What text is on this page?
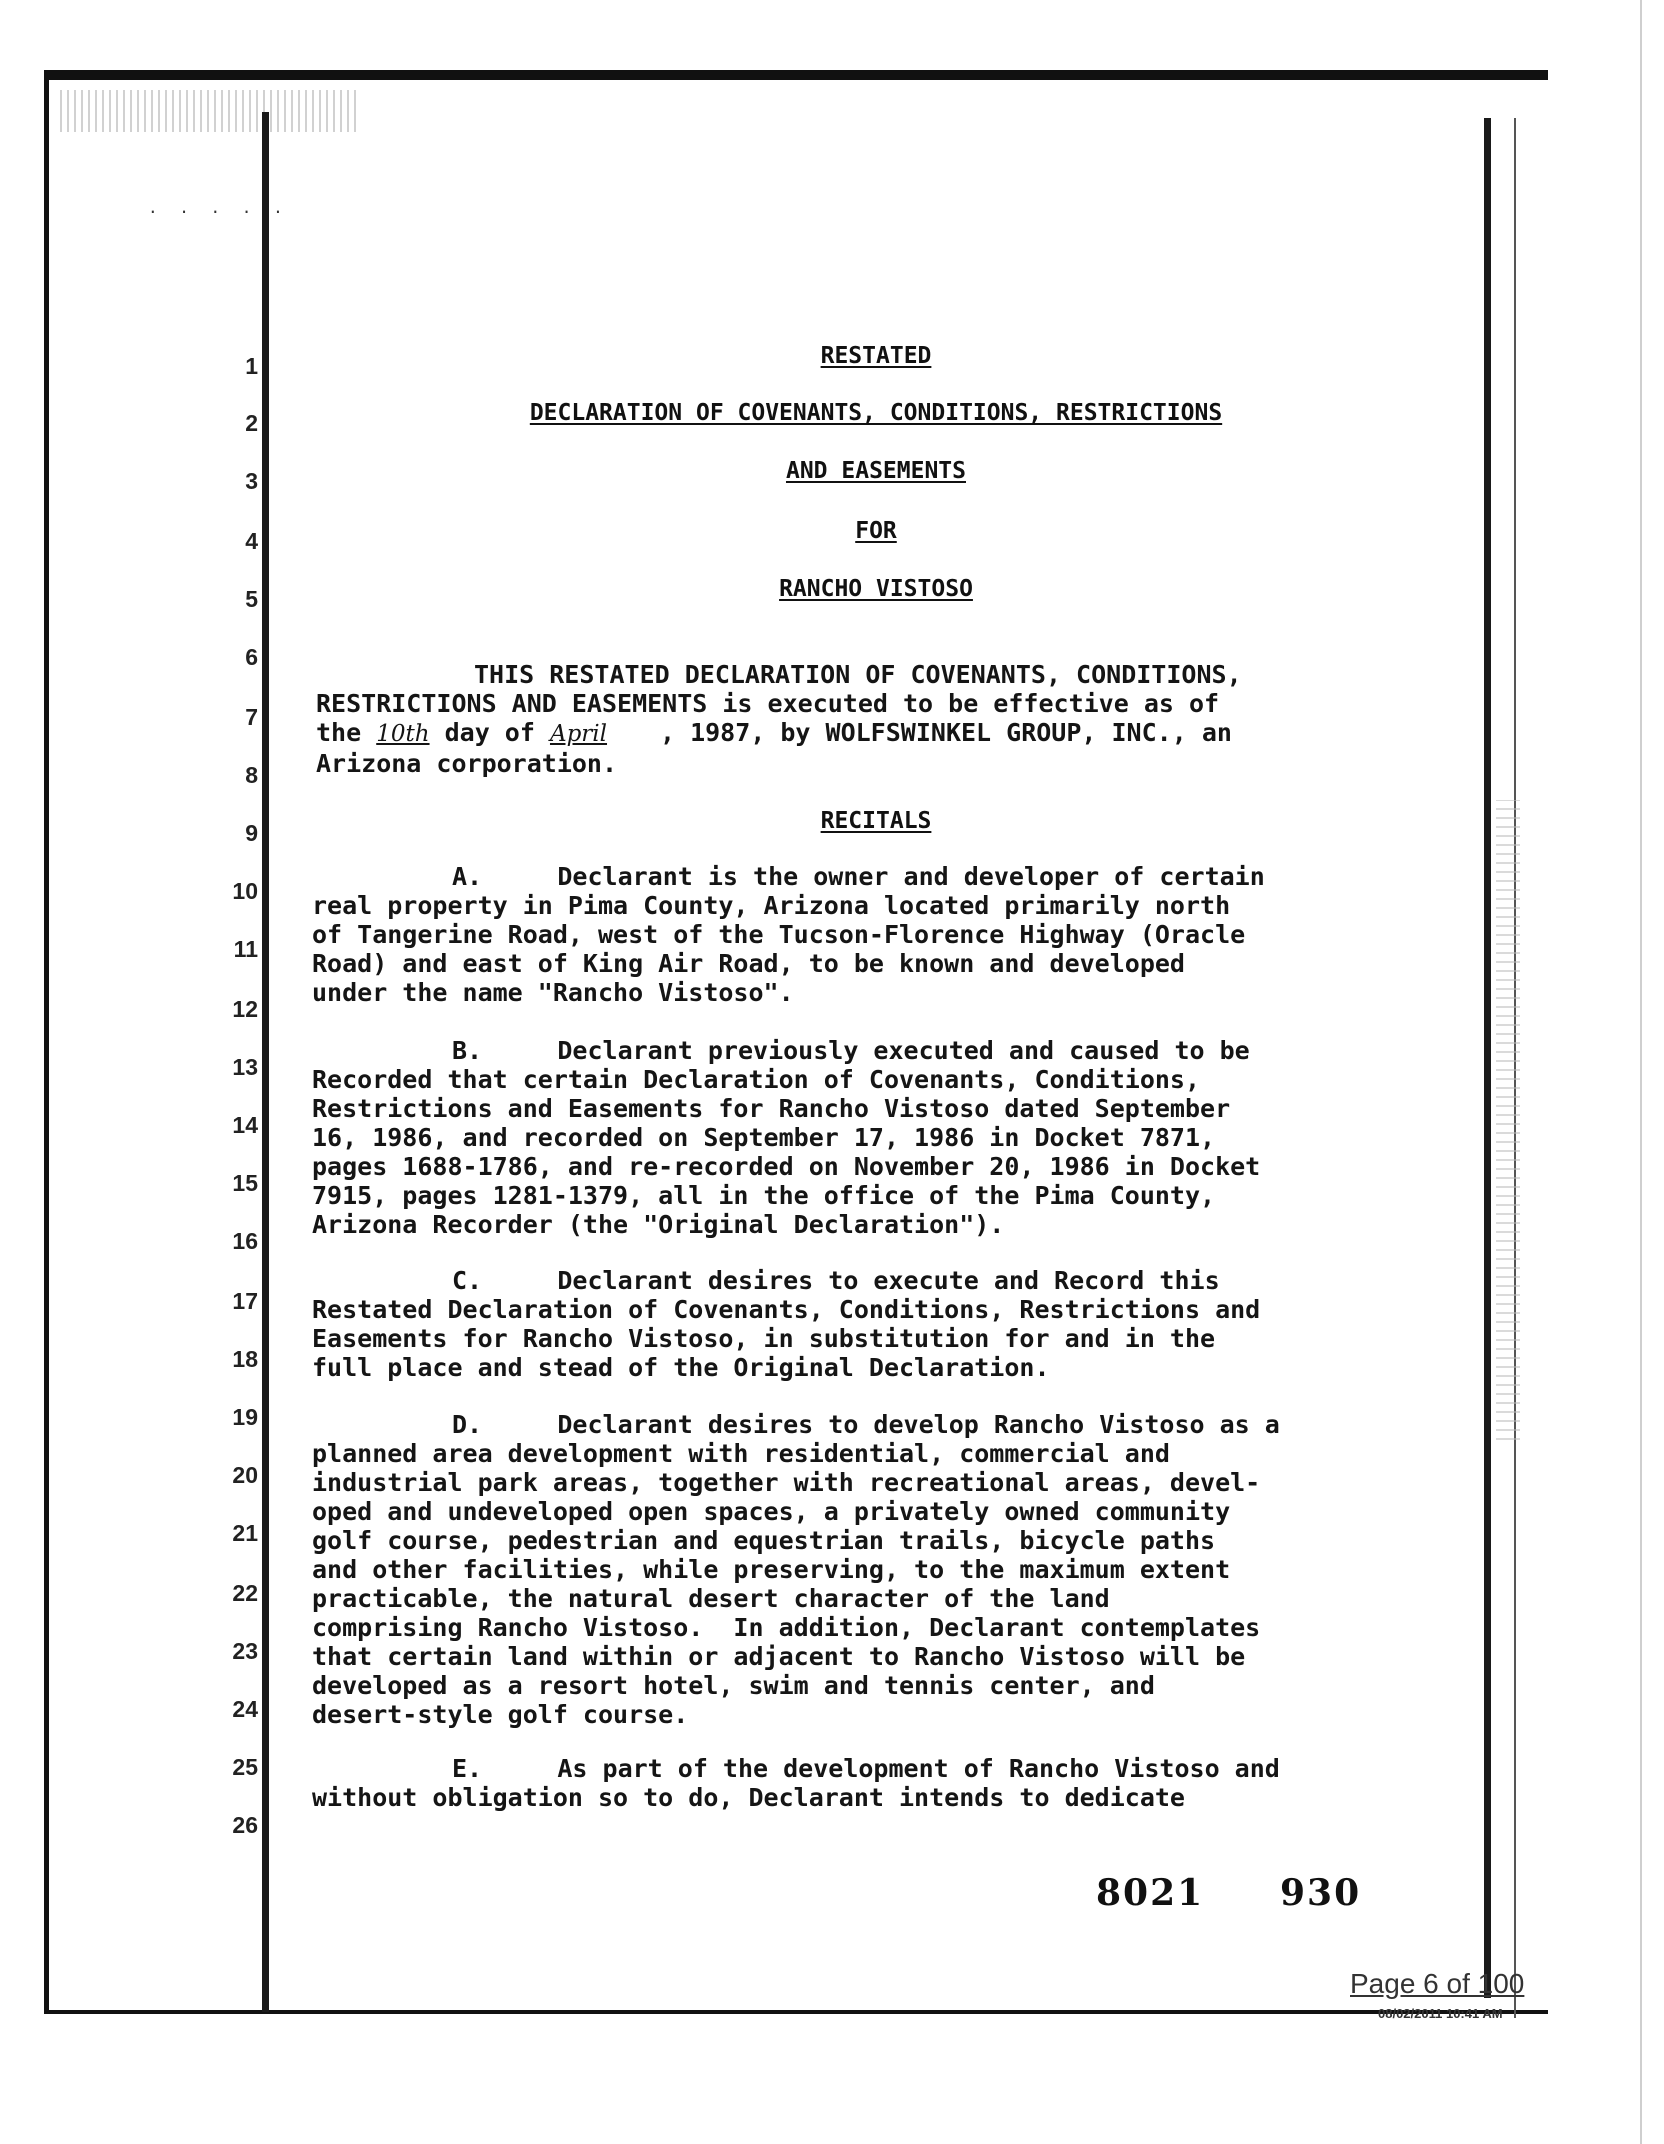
. . . . .
1
2
3
4
5
6
7
8
9
10
11
12
13
14
15
16
17
18
19
20
21
22
23
24
25
26
RESTATED
DECLARATION OF COVENANTS, CONDITIONS, RESTRICTIONS
AND EASEMENTS
FOR
RANCHO VISTOSO
THIS RESTATED DECLARATION OF COVENANTS, CONDITIONS,
RESTRICTIONS AND EASEMENTS is executed to be effective as of
the 10th day of April , 1987, by WOLFSWINKEL GROUP, INC., an
Arizona corporation.
RECITALS
A.     Declarant is the owner and developer of certain
real property in Pima County, Arizona located primarily north
of Tangerine Road, west of the Tucson-Florence Highway (Oracle
Road) and east of King Air Road, to be known and developed
under the name "Rancho Vistoso".
B.     Declarant previously executed and caused to be
Recorded that certain Declaration of Covenants, Conditions,
Restrictions and Easements for Rancho Vistoso dated September
16, 1986, and recorded on September 17, 1986 in Docket 7871,
pages 1688-1786, and re-recorded on November 20, 1986 in Docket
7915, pages 1281-1379, all in the office of the Pima County,
Arizona Recorder (the "Original Declaration").
C.     Declarant desires to execute and Record this
Restated Declaration of Covenants, Conditions, Restrictions and
Easements for Rancho Vistoso, in substitution for and in the
full place and stead of the Original Declaration.
D.     Declarant desires to develop Rancho Vistoso as a
planned area development with residential, commercial and
industrial park areas, together with recreational areas, devel-
oped and undeveloped open spaces, a privately owned community
golf course, pedestrian and equestrian trails, bicycle paths
and other facilities, while preserving, to the maximum extent
practicable, the natural desert character of the land
comprising Rancho Vistoso.  In addition, Declarant contemplates
that certain land within or adjacent to Rancho Vistoso will be
developed as a resort hotel, swim and tennis center, and
desert-style golf course.
E.     As part of the development of Rancho Vistoso and
without obligation so to do, Declarant intends to dedicate
8021 930
Page 6 of 100
08/02/2011 10:41 AM
